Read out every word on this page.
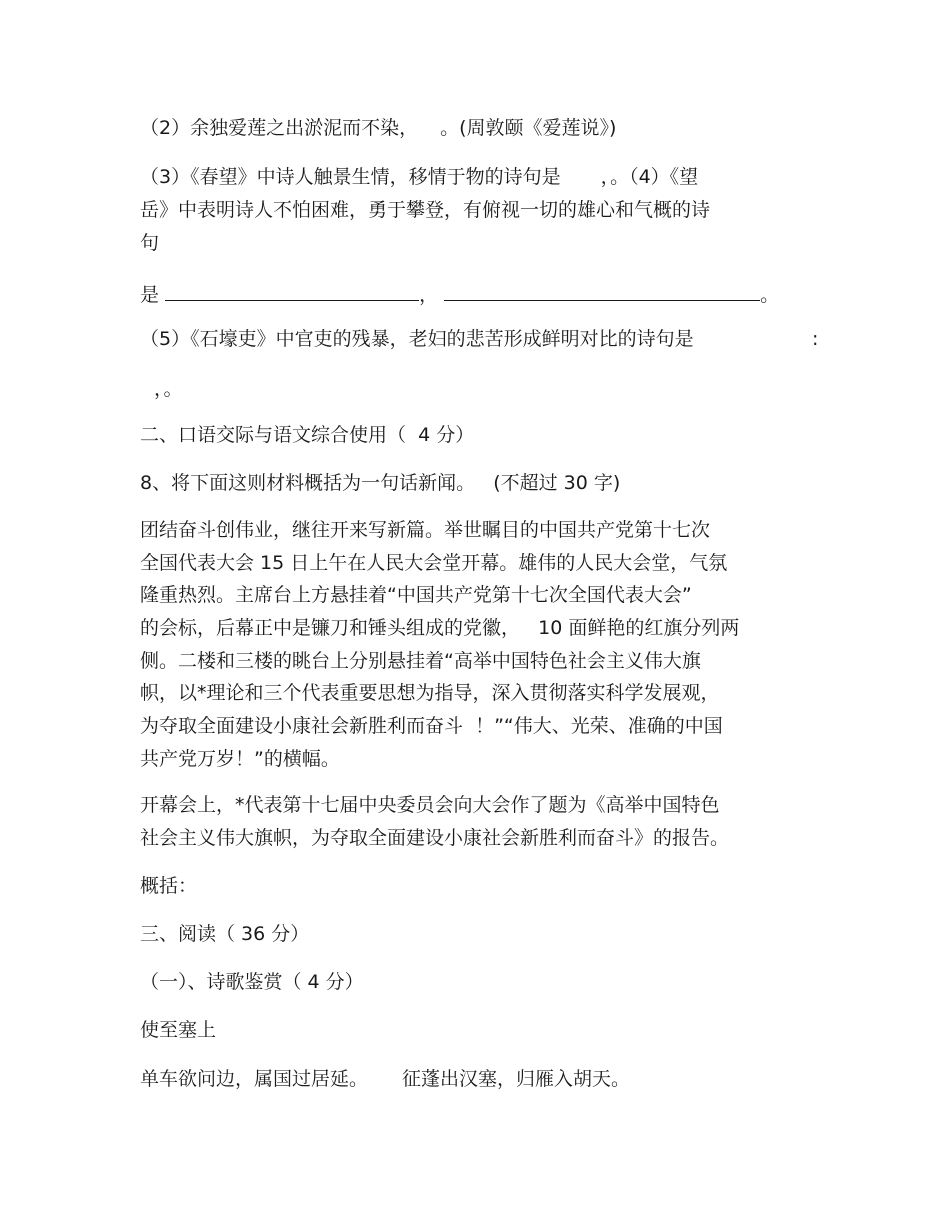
（2）余独爱莲之出淤泥而不染， 。(周敦颐《爱莲说》)

（3）《春望》中诗人触景生情，移情于物的诗句是 ，。（4）《望

岳》中表明诗人不怕困难，勇于攀登，有俯视一切的雄心和气概的诗

句

是	，	。

（5）《石壕吏》中官吏的残暴，老妇的悲苦形成鲜明对比的诗句是	:

，。

二、口语交际与语文综合使用（  4 分）

8、将下面这则材料概括为一句话新闻。   (不超过 30 字)

团结奋斗创伟业，继往开来写新篇。举世瞩目的中国共产党第十七次

全国代表大会 15 日上午在人民大会堂开幕。雄伟的人民大会堂，气氛

隆重热烈。主席台上方悬挂着“中国共产党第十七次全国代表大会”

的会标，后幕正中是镰刀和锤头组成的党徽，   10 面鲜艳的红旗分列两

侧。二楼和三楼的眺台上分别悬挂着“高举中国特色社会主义伟大旗

帜，以*理论和三个代表重要思想为指导，深入贯彻落实科学发展观，

为夺取全面建设小康社会新胜利而奋斗  ！”“伟大、光荣、准确的中国

共产党万岁！”的横幅。

开幕会上，*代表第十七届中央委员会向大会作了题为《高举中国特色

社会主义伟大旗帜，为夺取全面建设小康社会新胜利而奋斗》的报告。

概括：

三、阅读（ 36 分）

（一）、诗歌鉴赏（ 4 分）

使至塞上

单车欲问边，属国过居延。 征蓬出汉塞，归雁入胡天。
